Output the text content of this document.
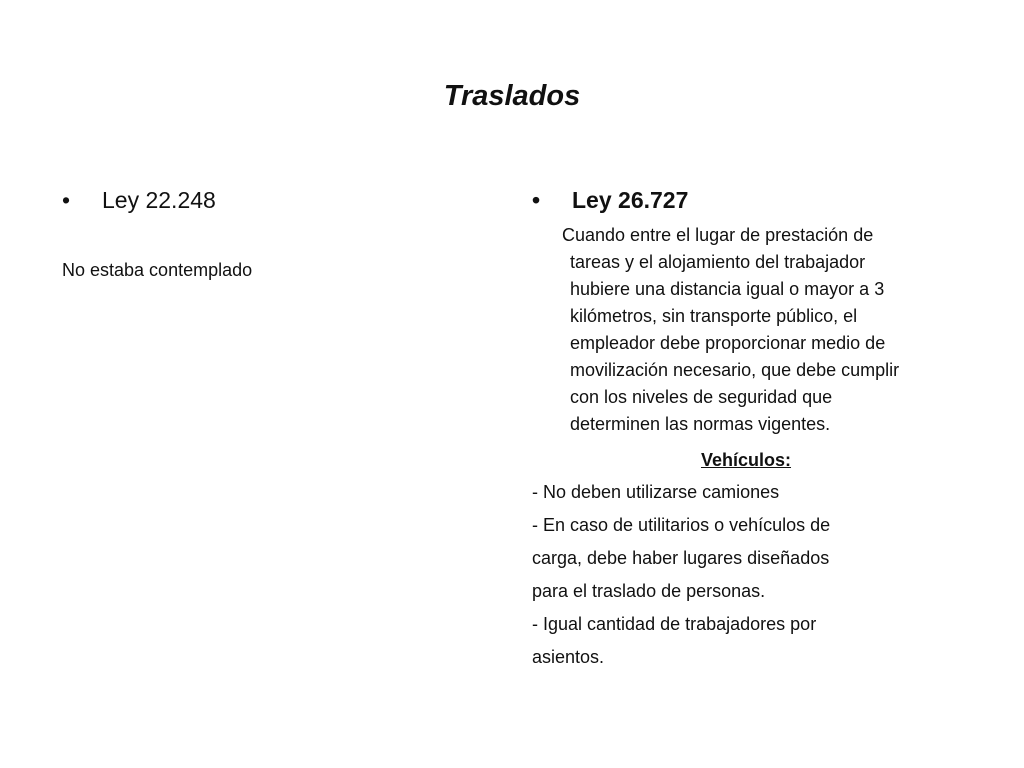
Traslados
• Ley 22.248
No estaba contemplado
• Ley 26.727
Cuando entre el lugar de prestación de
tareas y el alojamiento del trabajador
hubiere una distancia igual o mayor a 3
kilómetros, sin transporte público, el
empleador debe proporcionar medio de
movilización necesario, que debe cumplir
con los niveles de seguridad que
determinen las normas vigentes.
Vehículos:
- No deben utilizarse camiones
- En caso de utilitarios o vehículos de
carga, debe haber lugares diseñados
para el traslado de personas.
- Igual cantidad de trabajadores por
asientos.
